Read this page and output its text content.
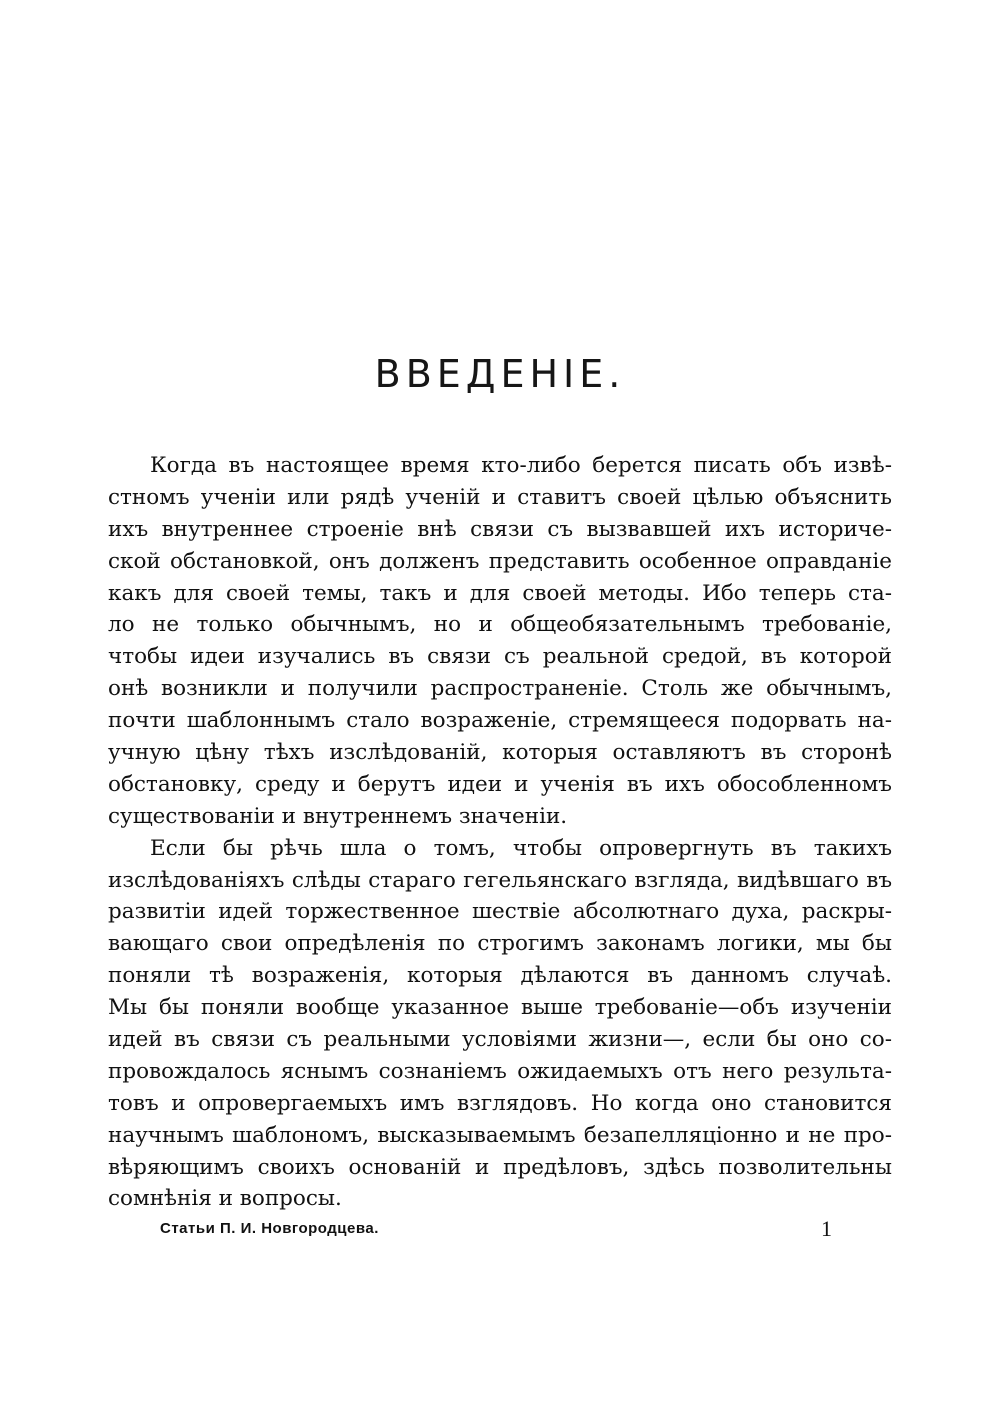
ВВЕДЕНІЕ.
Когда въ настоящее время кто-либо берется писать объ извѣ-
стномъ ученіи или рядѣ ученій и ставитъ своей цѣлью объяснить
ихъ внутреннее строеніе внѣ связи съ вызвавшей ихъ историче-
ской обстановкой, онъ долженъ представить особенное оправданіе
какъ для своей темы, такъ и для своей методы. Ибо теперь ста-
ло не только обычнымъ, но и общеобязательнымъ требованіе,
чтобы идеи изучались въ связи съ реальной средой, въ которой
онѣ возникли и получили распространеніе. Столь же обычнымъ,
почти шаблоннымъ стало возраженіе, стремящееся подорвать на-
учную цѣну тѣхъ изслѣдованій, которыя оставляютъ въ сторонѣ
обстановку, среду и берутъ идеи и ученія въ ихъ обособленномъ
существованіи и внутреннемъ значеніи.
Если бы рѣчь шла о томъ, чтобы опровергнуть въ такихъ
изслѣдованіяхъ слѣды стараго гегельянскаго взгляда, видѣвшаго въ
развитіи идей торжественное шествіе абсолютнаго духа, раскры-
вающаго свои опредѣленія по строгимъ законамъ логики, мы бы
поняли тѣ возраженія, которыя дѣлаются въ данномъ случаѣ.
Мы бы поняли вообще указанное выше требованіе—объ изученіи
идей въ связи съ реальными условіями жизни—, если бы оно со-
провождалось яснымъ сознаніемъ ожидаемыхъ отъ него результа-
товъ и опровергаемыхъ имъ взглядовъ. Но когда оно становится
научнымъ шаблономъ, высказываемымъ безапелляціонно и не про-
вѣряющимъ своихъ основаній и предѣловъ, здѣсь позволительны
сомнѣнія и вопросы.
Статьи П. И. Новгородцева.	1
